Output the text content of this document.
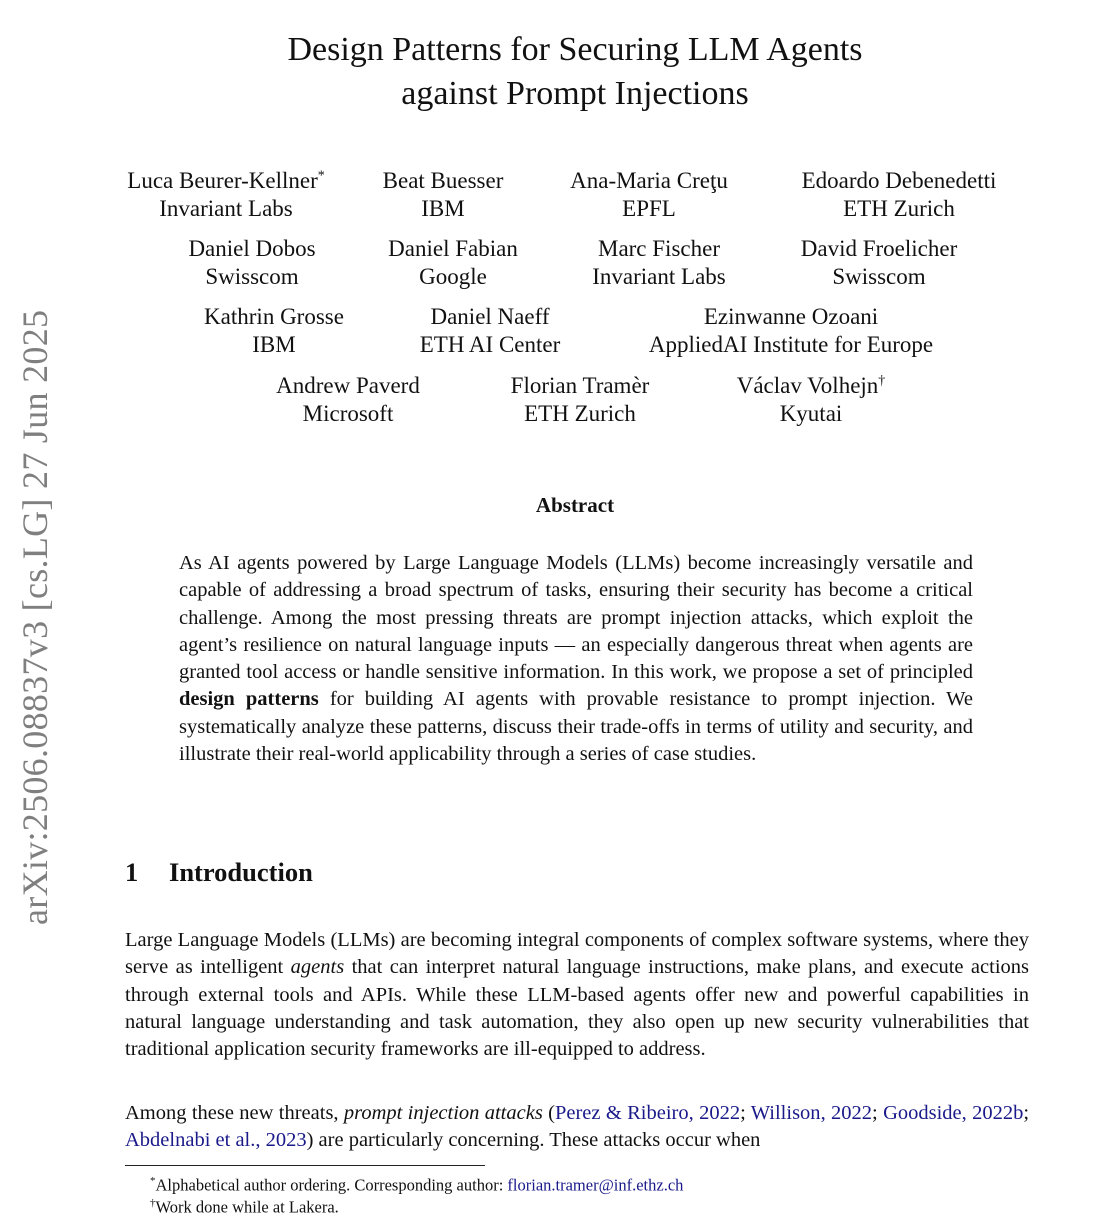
Design Patterns for Securing LLM Agents
against Prompt Injections
arXiv:2506.08837v3 [cs.LG] 27 Jun 2025
Luca Beurer-Kellner*
Invariant Labs
Beat Buesser
IBM
Ana-Maria Creţu
EPFL
Edoardo Debenedetti
ETH Zurich
Daniel Dobos
Swisscom
Daniel Fabian
Google
Marc Fischer
Invariant Labs
David Froelicher
Swisscom
Kathrin Grosse
IBM
Daniel Naeff
ETH AI Center
Ezinwanne Ozoani
AppliedAI Institute for Europe
Andrew Paverd
Microsoft
Florian Tramèr
ETH Zurich
Václav Volhejn†
Kyutai
Abstract
As AI agents powered by Large Language Models (LLMs) become increasingly versatile and capable of addressing a broad spectrum of tasks, ensuring their security has become a critical challenge. Among the most pressing threats are prompt injection attacks, which exploit the agent’s resilience on natural language inputs — an especially dangerous threat when agents are granted tool access or handle sensitive information. In this work, we propose a set of principled design patterns for building AI agents with provable resistance to prompt injection. We systematically analyze these patterns, discuss their trade-offs in terms of utility and security, and illustrate their real-world applicability through a series of case studies.
1 Introduction
Large Language Models (LLMs) are becoming integral components of complex software systems, where they serve as intelligent agents that can interpret natural language instructions, make plans, and execute actions through external tools and APIs. While these LLM-based agents offer new and powerful capabilities in natural language understanding and task automation, they also open up new security vulnerabilities that traditional application security frameworks are ill-equipped to address.
Among these new threats, prompt injection attacks (Perez & Ribeiro, 2022; Willison, 2022; Goodside, 2022b; Abdelnabi et al., 2023) are particularly concerning. These attacks occur when
*Alphabetical author ordering. Corresponding author: florian.tramer@inf.ethz.ch
†Work done while at Lakera.
